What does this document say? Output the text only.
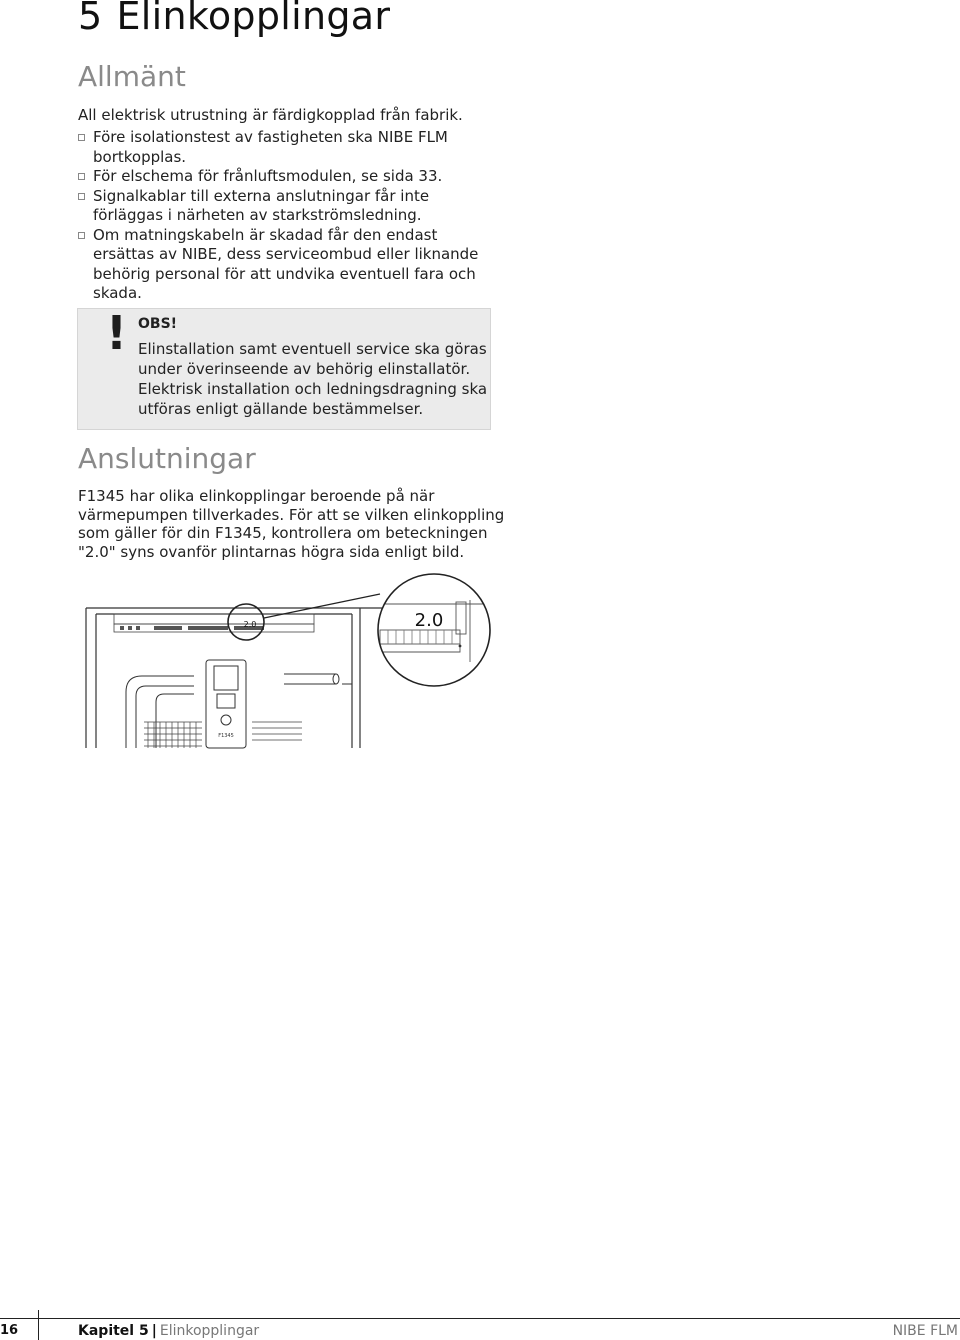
5 Elinkopplingar
Allmänt

All elektrisk utrustning är färdigkopplad från fabrik.

Före isolationstest av fastigheten ska NIBE FLM bortkopplas.
För elschema för frånluftsmodulen, se sida 33.
Signalkablar till externa anslutningar får inte förläggas i närheten av starkströmsledning.
Om matningskabeln är skadad får den endast ersättas av NIBE, dess serviceombud eller liknande behörig personal för att undvika eventuell fara och skada.
! OBS!
Elinstallation samt eventuell service ska göras under överinseende av behörig elinstallatör. Elektrisk installation och ledningsdragning ska utföras enligt gällande bestämmelser.
Anslutningar

F1345 har olika elinkopplingar beroende på när värmepumpen tillverkades. För att se vilken elinkoppling som gäller för din F1345, kontrollera om beteckningen "2.0" syns ovanför plintarnas högra sida enligt bild.

F1345
2.0	2.0
16	Kapitel 5 | Elinkopplingar	NIBE FLM
